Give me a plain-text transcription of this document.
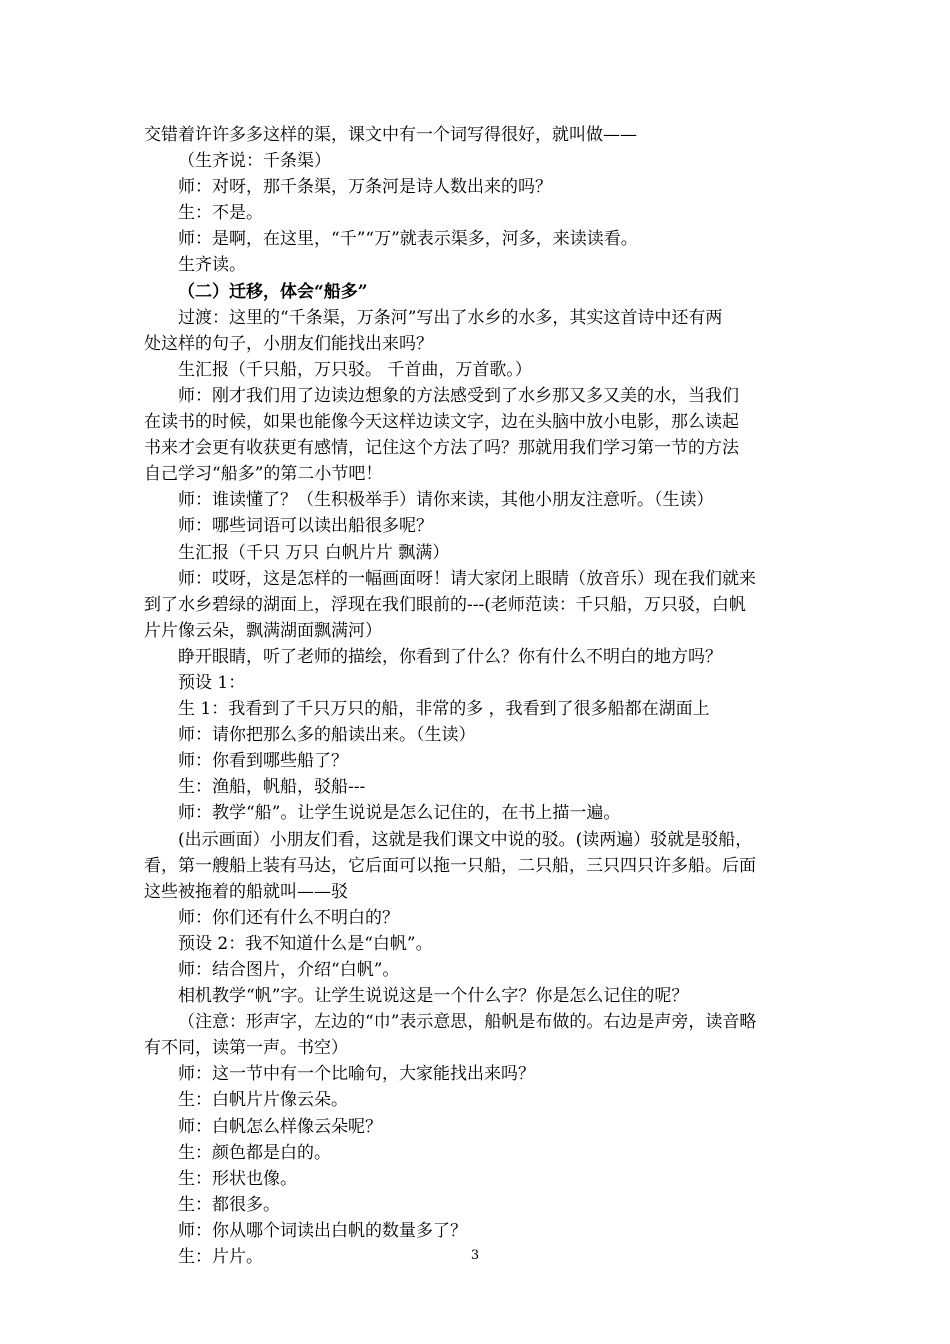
交错着许许多多这样的渠，课文中有一个词写得很好，就叫做——

（生齐说：千条渠）

师：对呀，那千条渠，万条河是诗人数出来的吗？

生：不是。

师：是啊，在这里，“千”“万”就表示渠多，河多，来读读看。

生齐读。

（二）迁移，体会“船多”

过渡：这里的“千条渠，万条河”写出了水乡的水多，其实这首诗中还有两

处这样的句子，小朋友们能找出来吗？

生汇报（千只船，万只驳。 千首曲，万首歌。）

师：刚才我们用了边读边想象的方法感受到了水乡那又多又美的水，当我们

在读书的时候，如果也能像今天这样边读文字，边在头脑中放小电影，那么读起

书来才会更有收获更有感情，记住这个方法了吗？那就用我们学习第一节的方法

自己学习“船多”的第二小节吧！

师：谁读懂了？（生积极举手）请你来读，其他小朋友注意听。（生读）

师：哪些词语可以读出船很多呢？

生汇报（千只 万只 白帆片片 飘满）

师：哎呀，这是怎样的一幅画面呀！请大家闭上眼睛（放音乐）现在我们就来

到了水乡碧绿的湖面上，浮现在我们眼前的---(老师范读：千只船，万只驳，白帆

片片像云朵，飘满湖面飘满河）

睁开眼睛，听了老师的描绘，你看到了什么？你有什么不明白的地方吗？

预设 1：

生 1：我看到了千只万只的船，非常的多 ，我看到了很多船都在湖面上

师：请你把那么多的船读出来。（生读）

师：你看到哪些船了？

生：渔船，帆船，驳船---

师：教学“船”。让学生说说是怎么记住的，在书上描一遍。

(出示画面）小朋友们看，这就是我们课文中说的驳。(读两遍）驳就是驳船，

看，第一艘船上装有马达，它后面可以拖一只船，二只船，三只四只许多船。后面

这些被拖着的船就叫——驳

师：你们还有什么不明白的？

预设 2：我不知道什么是“白帆”。

师：结合图片，介绍“白帆”。

相机教学“帆”字。让学生说说这是一个什么字？你是怎么记住的呢？

（注意：形声字，左边的“巾”表示意思，船帆是布做的。右边是声旁，读音略

有不同，读第一声。书空）

师：这一节中有一个比喻句，大家能找出来吗？

生：白帆片片像云朵。

师：白帆怎么样像云朵呢？

生：颜色都是白的。

生：形状也像。

生：都很多。

师：你从哪个词读出白帆的数量多了？

生：片片。	3
